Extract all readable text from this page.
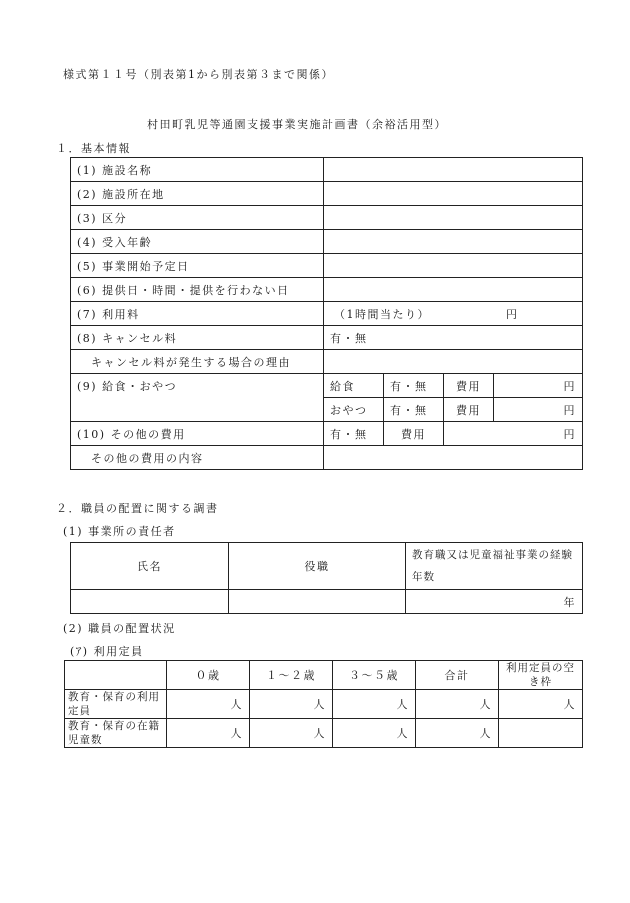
様式第１１号（別表第1から別表第３まで関係）
村田町乳児等通園支援事業実施計画書（余裕活用型）
１．基本情報
(1) 施設名称				
(2) 施設所在地				
(3) 区分				
(4) 受入年齢				
(5) 事業開始予定日				
(6) 提供日・時間・提供を行わない日				
(7) 利用料	（1時間当たり） 円			

(8) キャンセル料	有・無			
キャンセル料が発生する場合の理由				
(9) 給食・おやつ	給食	有・無	費用	円
	おやつ	有・無	費用	円
(10) その他の費用	有・無	費用	円	
その他の費用の内容				
２．職員の配置に関する調書
(1) 事業所の責任者
氏名	役職	教育職又は児童福祉事業の経験年数
		年
(2) 職員の配置状況
(ｱ) 利用定員
	０歳	１～２歳	３～５歳	合計	利用定員の空き枠
教育・保育の利用定員	人	人	人	人	人
教育・保育の在籍児童数	人	人	人	人	
